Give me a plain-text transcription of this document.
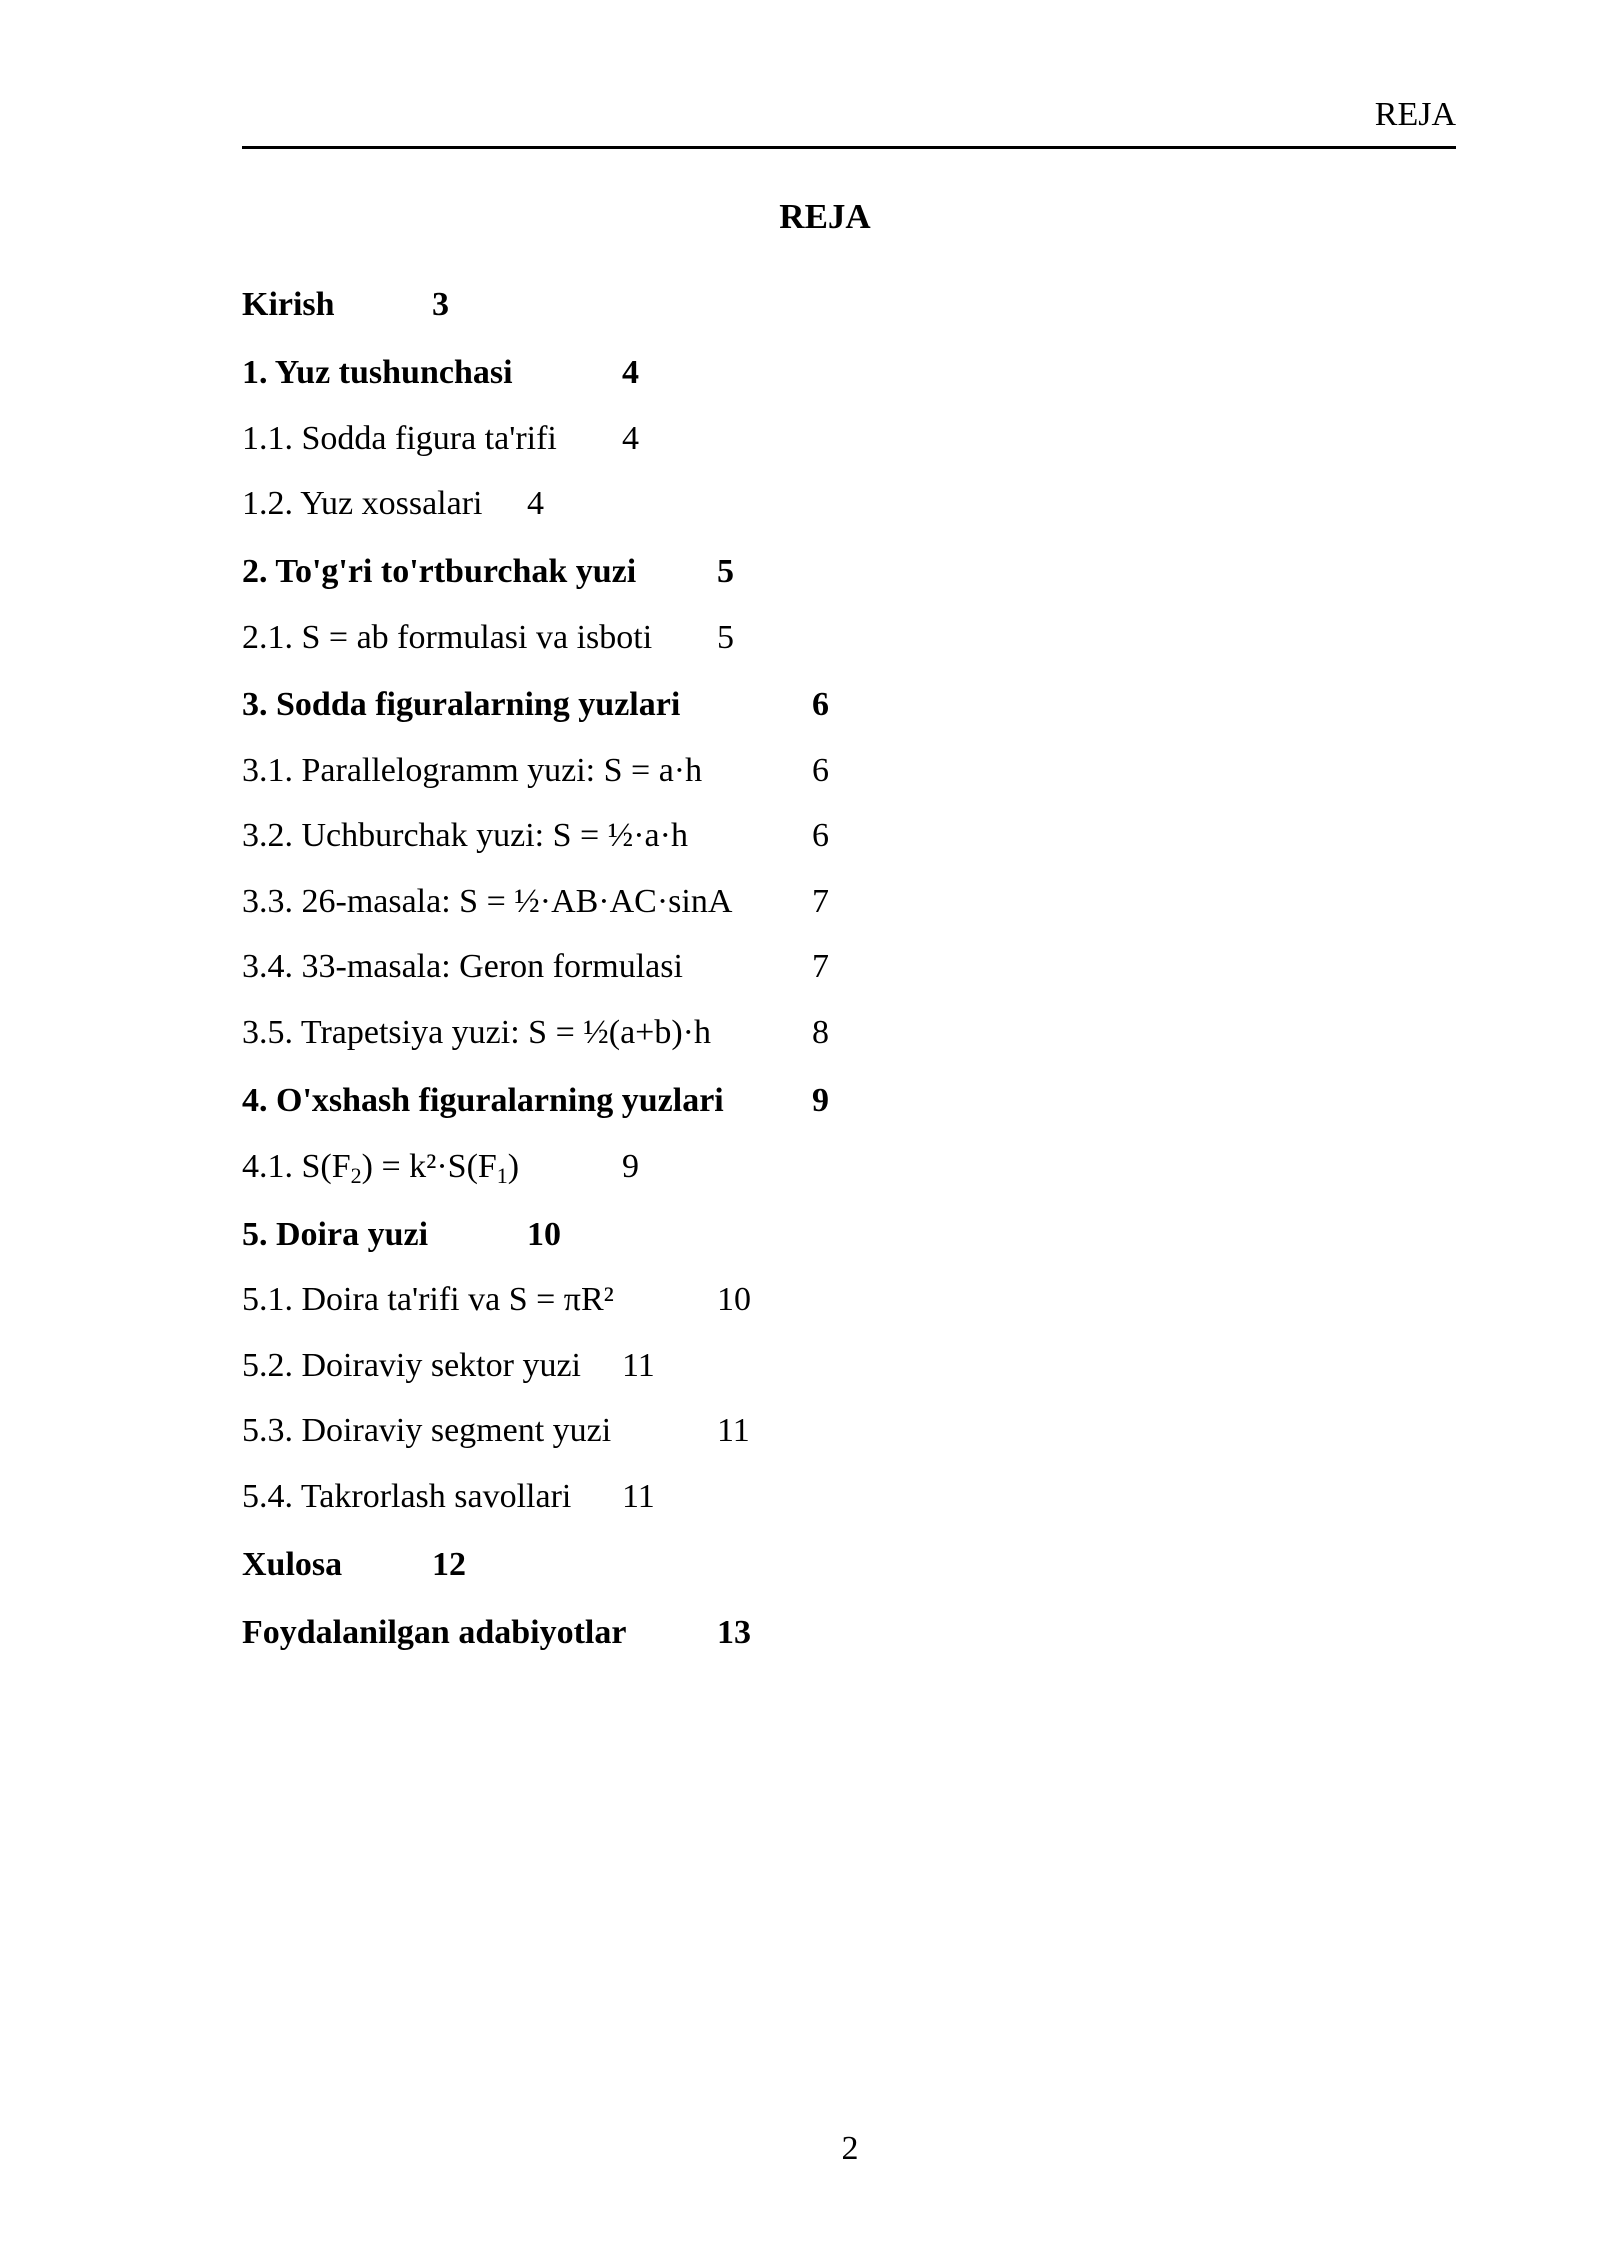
REJA
REJA
Kirish	3
1. Yuz tushunchasi	4
1.1. Sodda figura ta'rifi 4
1.2. Yuz xossalari 4
2. To'g'ri to'rtburchak yuzi 5
2.1. S = ab formulasi va isboti 5
3. Sodda figuralarning yuzlari	6
3.1. Parallelogramm yuzi: S = a·h	6
3.2. Uchburchak yuzi: S = ½·a·h	6
3.3. 26-masala: S = ½·AB·AC·sinA 7
3.4. 33-masala: Geron formulasi	7
3.5. Trapetsiya yuzi: S = ½(a+b)·h	8
4. O'xshash figuralarning yuzlari	9
4.1. $S(F_2) = k^2\cdot S(F_1)$	9
5. Doira yuzi	10
5.1. Doira ta'rifi va S = πR²	10
5.2. Doiraviy sektor yuzi 11
5.3. Doiraviy segment yuzi	11
5.4. Takrorlash savollari 11
Xulosa	12
Foydalanilgan adabiyotlar	13
2
